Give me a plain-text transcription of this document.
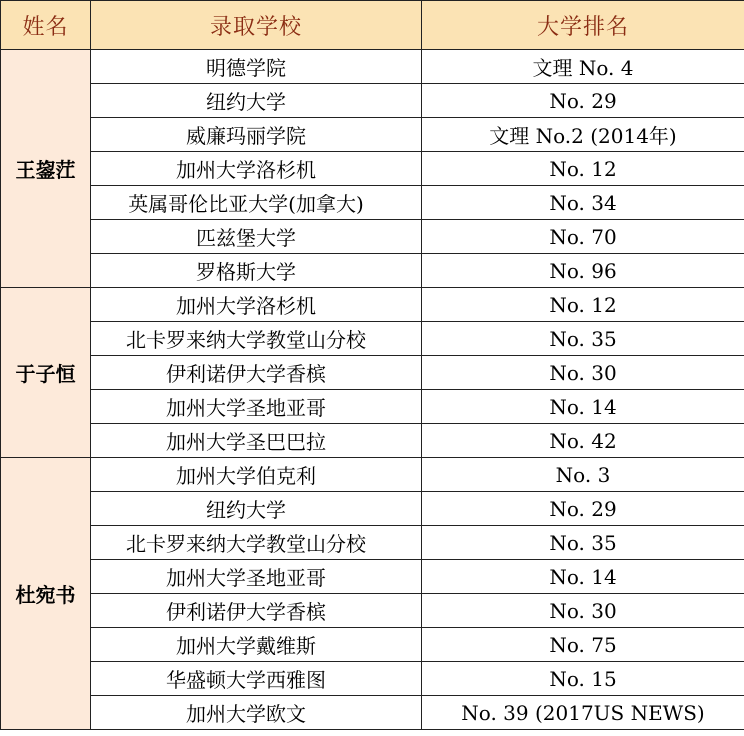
姓名	录取学校	大学排名
王鋆茳	明德学院	文理 No. 4
	纽约大学	No. 29
	威廉玛丽学院	文理 No.2 (2014年)
	加州大学洛杉机	No. 12
	英属哥伦比亚大学(加拿大)	No. 34
	匹兹堡大学	No. 70
	罗格斯大学	No. 96
于子恒	加州大学洛杉机	No. 12
	北卡罗来纳大学教堂山分校	No. 35
	伊利诺伊大学香槟	No. 30
	加州大学圣地亚哥	No. 14
	加州大学圣巴巴拉	No. 42
杜宛书	加州大学伯克利	No. 3
	纽约大学	No. 29
	北卡罗来纳大学教堂山分校	No. 35
	加州大学圣地亚哥	No. 14
	伊利诺伊大学香槟	No. 30
	加州大学戴维斯	No. 75
	华盛顿大学西雅图	No. 15
	加州大学欧文	No. 39 (2017US NEWS)
